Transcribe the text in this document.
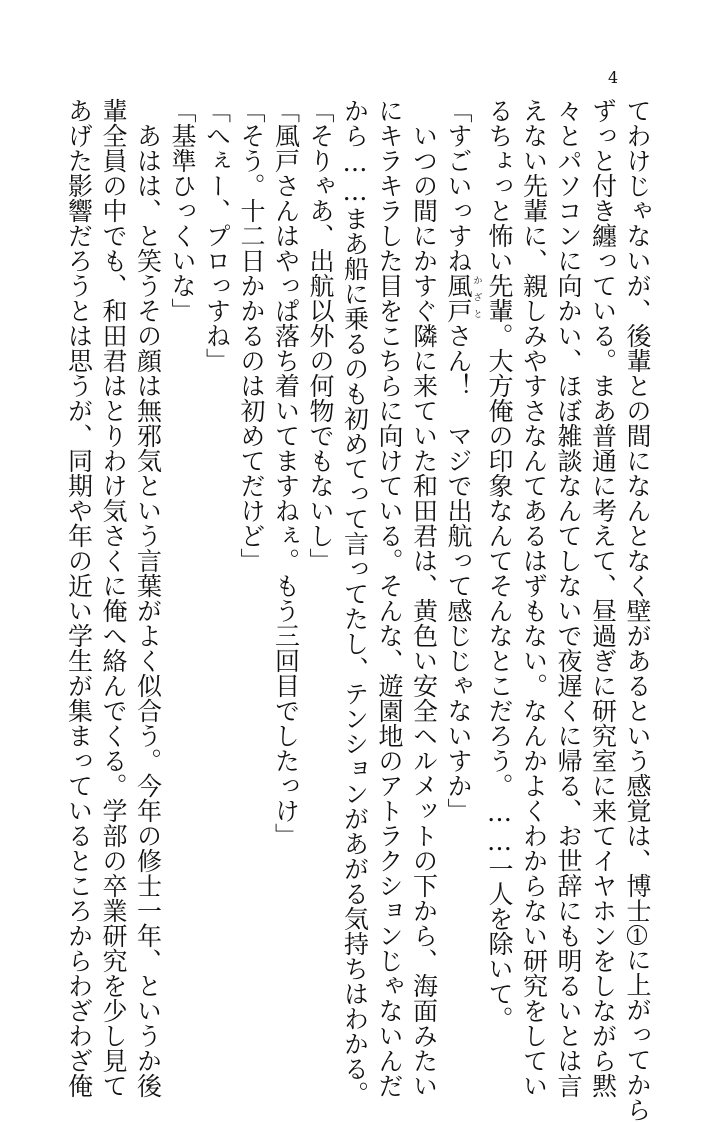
4
てわけじゃないが、後輩との間になんとなく壁があるという感覚は、博士1に上がってから
ずっと付き纏っている。まあ普通に考えて、昼過ぎに研究室に来てイヤホンをしながら黙
々とパソコンに向かい、ほぼ雑談なんてしないで夜遅くに帰る、お世辞にも明るいとは言
えない先輩に、親しみやすさなんてあるはずもない。なんかよくわからない研究をしてい
るちょっと怖い先輩。大方俺の印象なんてそんなとこだろう。……一人を除いて。
「すごいっすね風戸かざとさん！　マジで出航って感じじゃないすか」
　いつの間にかすぐ隣に来ていた和田君は、黄色い安全ヘルメットの下から、海面みたい
にキラキラした目をこちらに向けている。そんな、遊園地のアトラクションじゃないんだ
から……まあ船に乗るのも初めてって言ってたし、テンションがあがる気持ちはわかる。
「そりゃあ、出航以外の何物でもないし」
「風戸さんはやっぱ落ち着いてますねぇ。もう三回目でしたっけ」
「そう。十二日かかるのは初めてだけど」
「へぇー、プロっすね」
「基準ひっくいな」
　あはは、と笑うその顔は無邪気という言葉がよく似合う。今年の修士一年、というか後
輩全員の中でも、和田君はとりわけ気さくに俺へ絡んでくる。学部の卒業研究を少し見て
あげた影響だろうとは思うが、同期や年の近い学生が集まっているところからわざわざ俺
